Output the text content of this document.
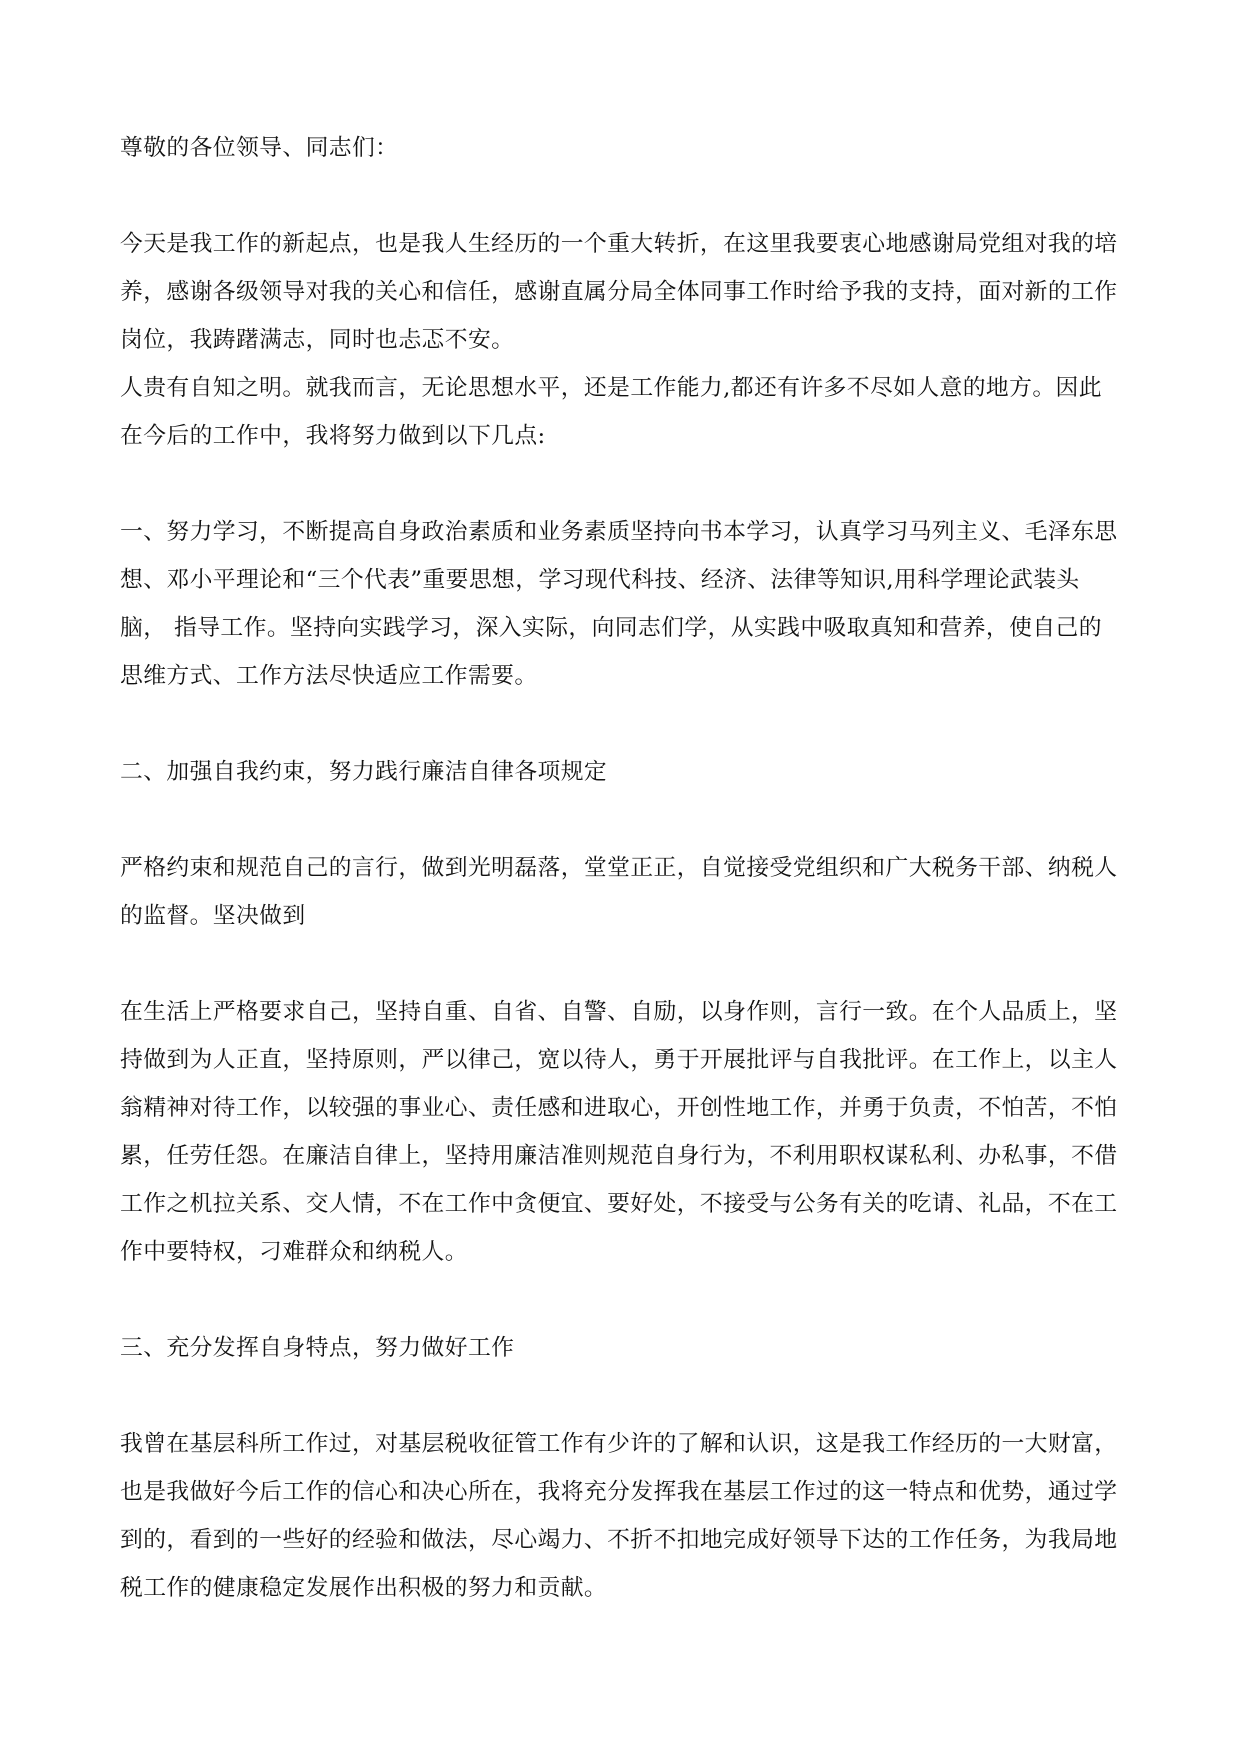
尊敬的各位领导、同志们：

今天是我工作的新起点，也是我人生经历的一个重大转折，在这里我要衷心地感谢局党组对我的培养，感谢各级领导对我的关心和信任，感谢直属分局全体同事工作时给予我的支持，面对新的工作岗位，我踌躇满志，同时也忐忑不安。

人贵有自知之明。就我而言，无论思想水平，还是工作能力,都还有许多不尽如人意的地方。因此在今后的工作中，我将努力做到以下几点:

一、努力学习，不断提高自身政治素质和业务素质坚持向书本学习，认真学习马列主义、毛泽东思想、邓小平理论和“三个代表”重要思想，学习现代科技、经济、法律等知识,用科学理论武装头脑， 指导工作。坚持向实践学习，深入实际，向同志们学，从实践中吸取真知和营养，使自己的思维方式、工作方法尽快适应工作需要。

二、加强自我约束，努力践行廉洁自律各项规定

严格约束和规范自己的言行，做到光明磊落，堂堂正正，自觉接受党组织和广大税务干部、纳税人的监督。坚决做到

在生活上严格要求自己，坚持自重、自省、自警、自励，以身作则，言行一致。在个人品质上，坚持做到为人正直，坚持原则，严以律己，宽以待人，勇于开展批评与自我批评。在工作上，以主人翁精神对待工作，以较强的事业心、责任感和进取心，开创性地工作，并勇于负责，不怕苦，不怕累，任劳任怨。在廉洁自律上，坚持用廉洁准则规范自身行为，不利用职权谋私利、办私事，不借工作之机拉关系、交人情，不在工作中贪便宜、要好处，不接受与公务有关的吃请、礼品，不在工作中要特权，刁难群众和纳税人。

三、充分发挥自身特点，努力做好工作

我曾在基层科所工作过，对基层税收征管工作有少许的了解和认识，这是我工作经历的一大财富，也是我做好今后工作的信心和决心所在，我将充分发挥我在基层工作过的这一特点和优势，通过学到的，看到的一些好的经验和做法，尽心竭力、不折不扣地完成好领导下达的工作任务，为我局地税工作的健康稳定发展作出积极的努力和贡献。
